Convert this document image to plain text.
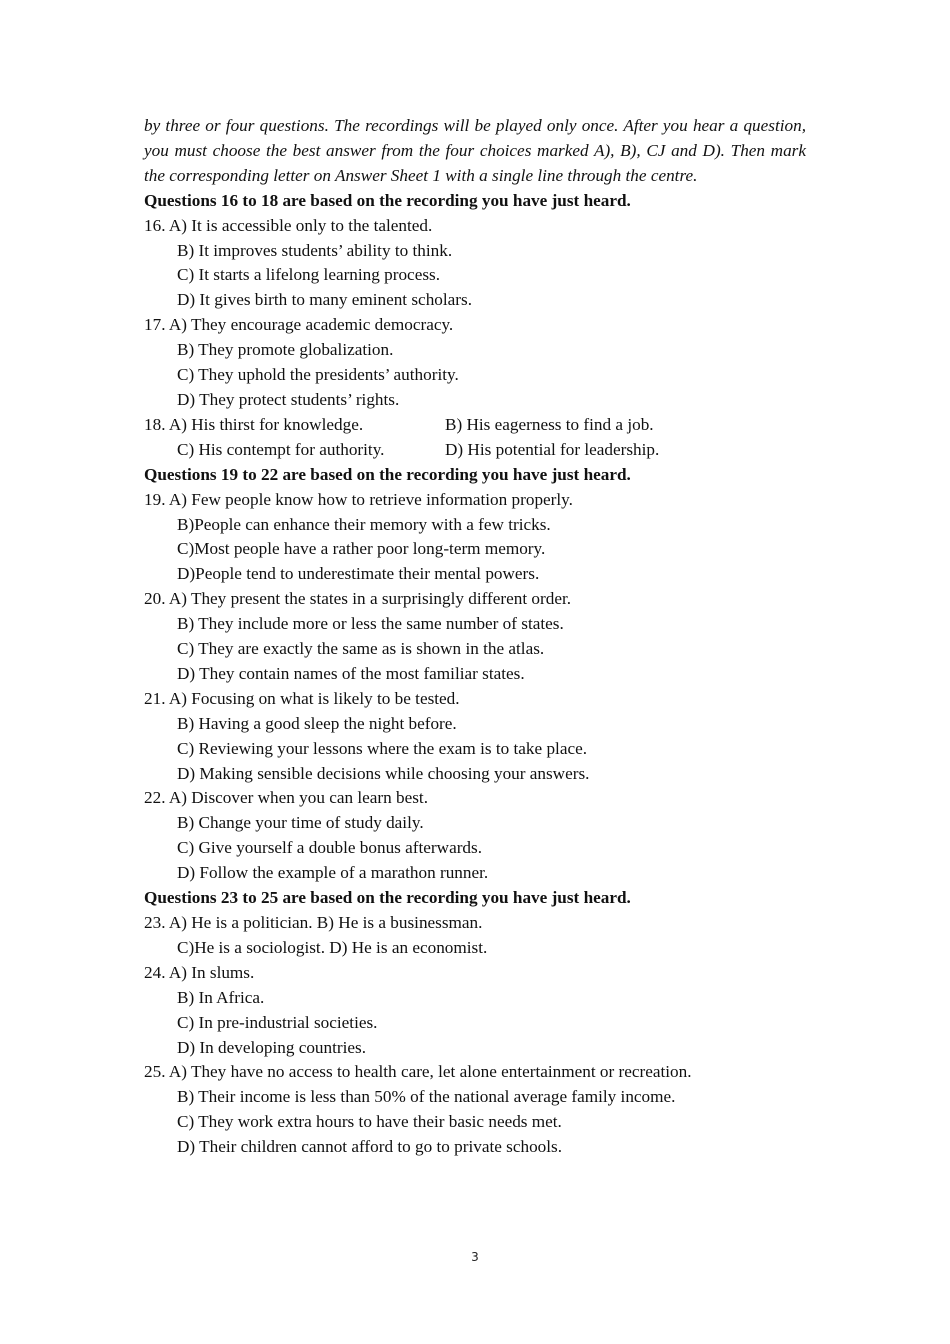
by three or four questions. The recordings will be played only once. After you hear a question, you must choose the best answer from the four choices marked A), B), CJ and D). Then mark the corresponding letter on Answer Sheet 1 with a single line through the centre.

Questions 16 to 18 are based on the recording you have just heard.

16. A) It is accessible only to the talented.

B) It improves students’ ability to think.

C) It starts a lifelong learning process.

D) It gives birth to many eminent scholars.

17. A) They encourage academic democracy.

B) They promote globalization.

C) They uphold the presidents’ authority.

D) They protect students’ rights.

18. A) His thirst for knowledge.	B) His eagerness to find a job.
C) His contempt for authority.	D) His potential for leadership.

Questions 19 to 22 are based on the recording you have just heard.

19. A) Few people know how to retrieve information properly.

B)People can enhance their memory with a few tricks.

C)Most people have a rather poor long-term memory.

D)People tend to underestimate their mental powers.

20. A) They present the states in a surprisingly different order.

B) They include more or less the same number of states.

C) They are exactly the same as is shown in the atlas.

D) They contain names of the most familiar states.

21. A) Focusing on what is likely to be tested.

B) Having a good sleep the night before.

C) Reviewing your lessons where the exam is to take place.

D) Making sensible decisions while choosing your answers.

22. A) Discover when you can learn best.

B) Change your time of study daily.

C) Give yourself a double bonus afterwards.

D) Follow the example of a marathon runner.

Questions 23 to 25 are based on the recording you have just heard.

23. A) He is a politician. B) He is a businessman.

C)He is a sociologist. D) He is an economist.

24. A) In slums.

B) In Africa.

C) In pre-industrial societies.

D) In developing countries.

25. A) They have no access to health care, let alone entertainment or recreation.

B) Their income is less than 50% of the national average family income.

C) They work extra hours to have their basic needs met.

D) Their children cannot afford to go to private schools.

3
